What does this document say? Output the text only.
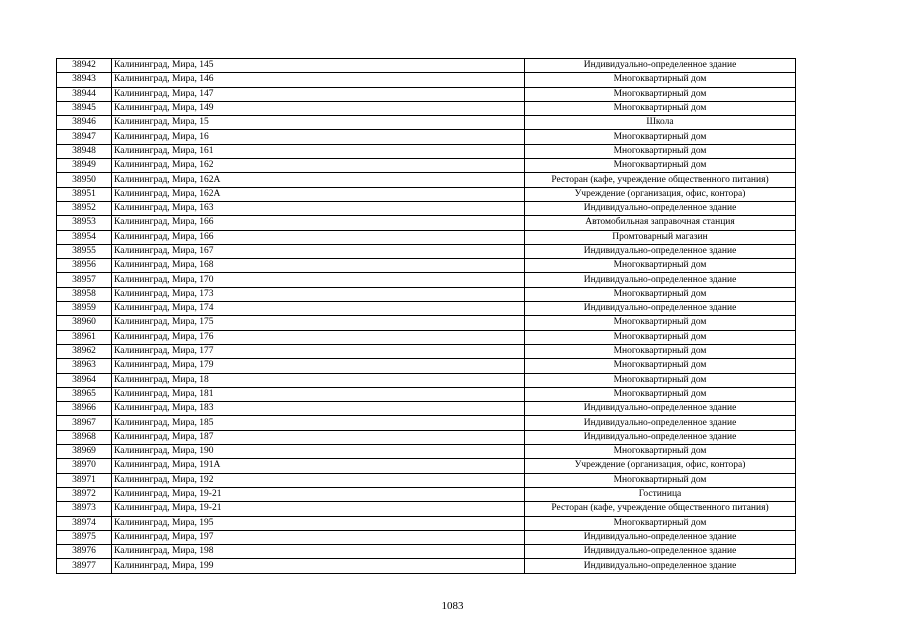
38942	Калининград, Мира, 145	Индивидуально-определенное здание
38943	Калининград, Мира, 146	Многоквартирный дом
38944	Калининград, Мира, 147	Многоквартирный дом
38945	Калининград, Мира, 149	Многоквартирный дом
38946	Калининград, Мира, 15	Школа
38947	Калининград, Мира, 16	Многоквартирный дом
38948	Калининград, Мира, 161	Многоквартирный дом
38949	Калининград, Мира, 162	Многоквартирный дом
38950	Калининград, Мира, 162А	Ресторан (кафе, учреждение общественного питания)
38951	Калининград, Мира, 162А	Учреждение (организация, офис, контора)
38952	Калининград, Мира, 163	Индивидуально-определенное здание
38953	Калининград, Мира, 166	Автомобильная заправочная станция
38954	Калининград, Мира, 166	Промтоварный магазин
38955	Калининград, Мира, 167	Индивидуально-определенное здание
38956	Калининград, Мира, 168	Многоквартирный дом
38957	Калининград, Мира, 170	Индивидуально-определенное здание
38958	Калининград, Мира, 173	Многоквартирный дом
38959	Калининград, Мира, 174	Индивидуально-определенное здание
38960	Калининград, Мира, 175	Многоквартирный дом
38961	Калининград, Мира, 176	Многоквартирный дом
38962	Калининград, Мира, 177	Многоквартирный дом
38963	Калининград, Мира, 179	Многоквартирный дом
38964	Калининград, Мира, 18	Многоквартирный дом
38965	Калининград, Мира, 181	Многоквартирный дом
38966	Калининград, Мира, 183	Индивидуально-определенное здание
38967	Калининград, Мира, 185	Индивидуально-определенное здание
38968	Калининград, Мира, 187	Индивидуально-определенное здание
38969	Калининград, Мира, 190	Многоквартирный дом
38970	Калининград, Мира, 191А	Учреждение (организация, офис, контора)
38971	Калининград, Мира, 192	Многоквартирный дом
38972	Калининград, Мира, 19-21	Гостиница
38973	Калининград, Мира, 19-21	Ресторан (кафе, учреждение общественного питания)
38974	Калининград, Мира, 195	Многоквартирный дом
38975	Калининград, Мира, 197	Индивидуально-определенное здание
38976	Калининград, Мира, 198	Индивидуально-определенное здание
38977	Калининград, Мира, 199	Индивидуально-определенное здание
1083
